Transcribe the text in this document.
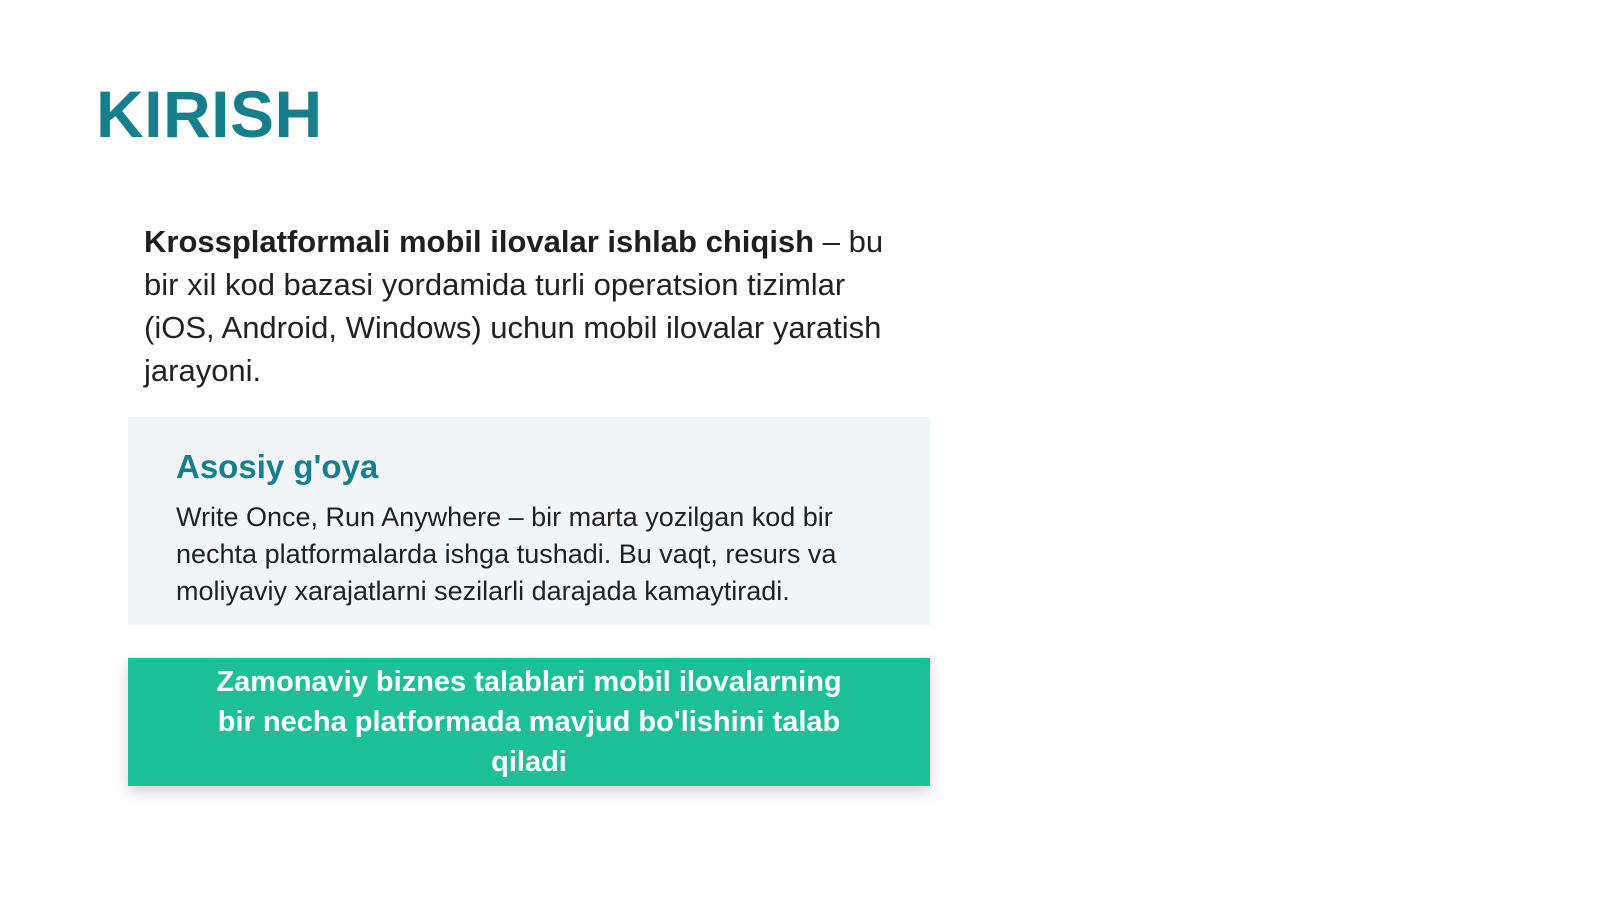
KIRISH

Krossplatformali mobil ilovalar ishlab chiqish – bu bir xil kod bazasi yordamida turli operatsion tizimlar (iOS, Android, Windows) uchun mobil ilovalar yaratish jarayoni.

Asosiy g'oya

Write Once, Run Anywhere – bir marta yozilgan kod bir nechta platformalarda ishga tushadi. Bu vaqt, resurs va moliyaviy xarajatlarni sezilarli darajada kamaytiradi.

Zamonaviy biznes talablari mobil ilovalarning bir necha platformada mavjud bo'lishini talab qiladi
